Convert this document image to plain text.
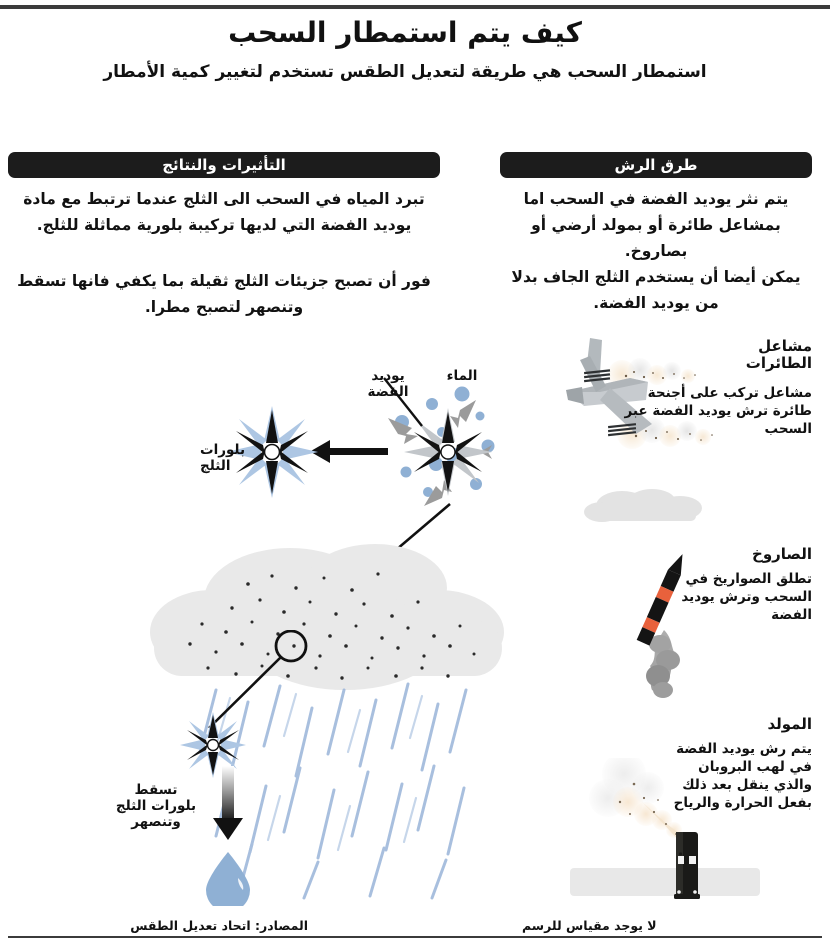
كيف يتم استمطار السحب
استمطار السحب هي طريقة لتعديل الطقس تستخدم لتغيير كمية الأمطار
طرق الرش
التأثيرات والنتائج
يتم نثر يوديد الفضة في السحب اما بمشاعل طائرة أو بمولد أرضي أو بصاروخ.
يمكن أيضا أن يستخدم الثلج الجاف بدلا من يوديد الفضة.
تبرد المياه في السحب الى الثلج عندما ترتبط مع مادة يوديد الفضة التي لديها تركيبة بلورية مماثلة للثلج.
فور أن تصبح جزيئات الثلج ثقيلة بما يكفي فانها تسقط وتنصهر لتصبح مطرا.
مشاعل الطائرات
مشاعل تركب على أجنحة طائرة ترش يوديد الفضة عبر السحب
الصاروخ
تطلق الصواريخ في السحب وترش يوديد الفضة
المولد
يتم رش يوديد الفضة في لهب البروبان والذي ينقل بعد ذلك بفعل الحرارة والرياح
الماء
يوديد الفضة
بلورات الثلج
تسقط بلورات الثلج وتنصهر
المصادر: اتحاد تعديل الطقس	لا يوجد مقياس للرسم
